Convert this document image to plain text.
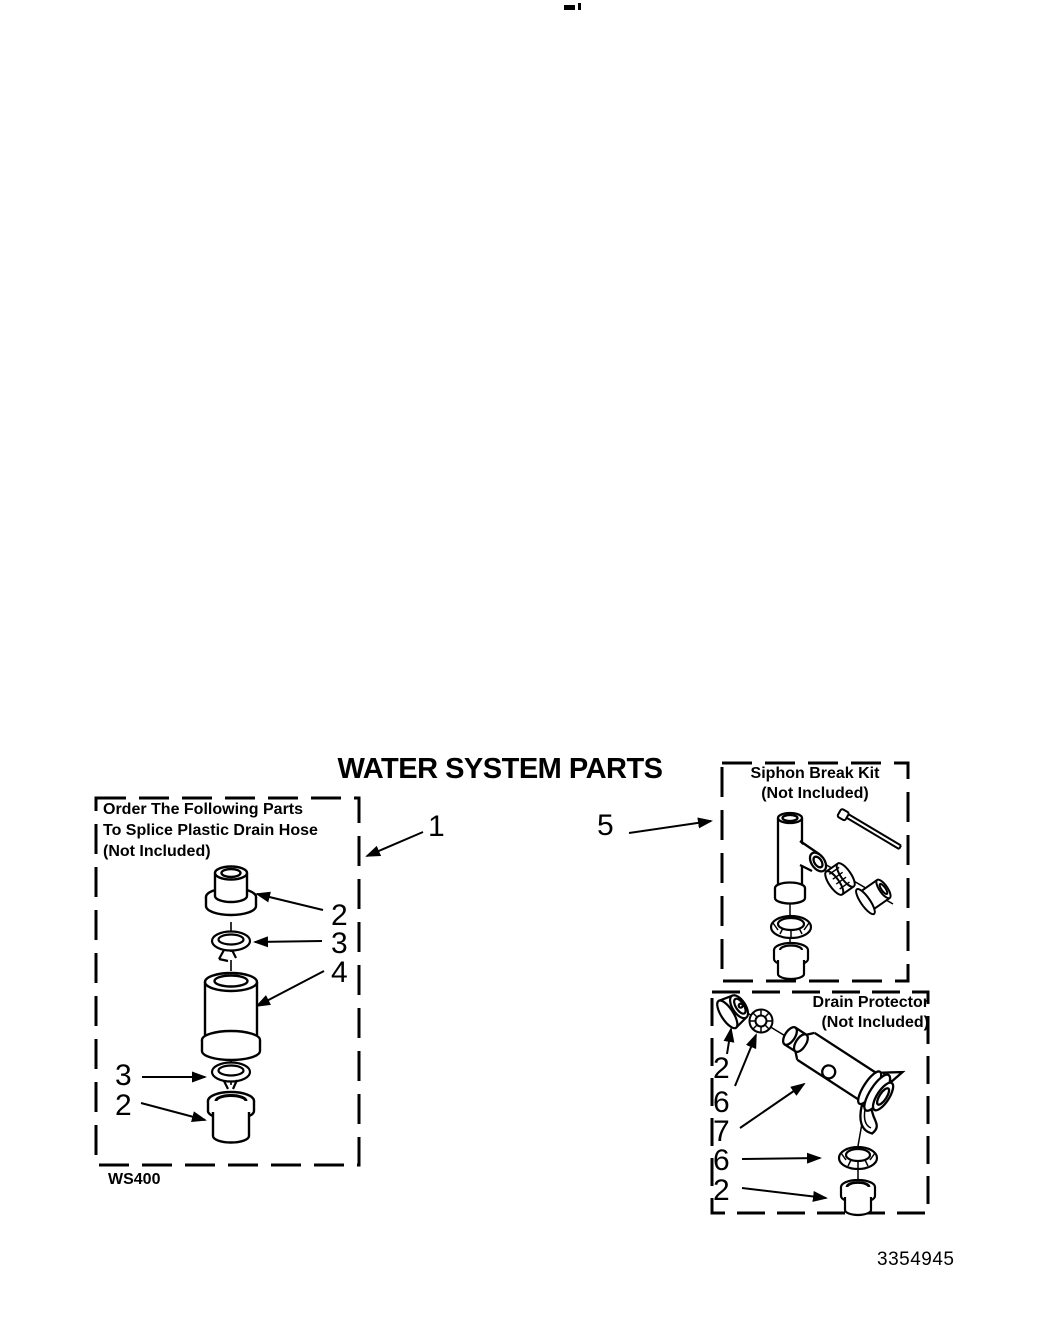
WATER SYSTEM PARTS
Order The Following Parts
To Splice Plastic Drain Hose
(Not Included)
Siphon Break Kit
(Not Included)
Drain Protector
(Not Included)
1	5
2
3
4
3
2
2
6
7
6
2
WS400
3354945
